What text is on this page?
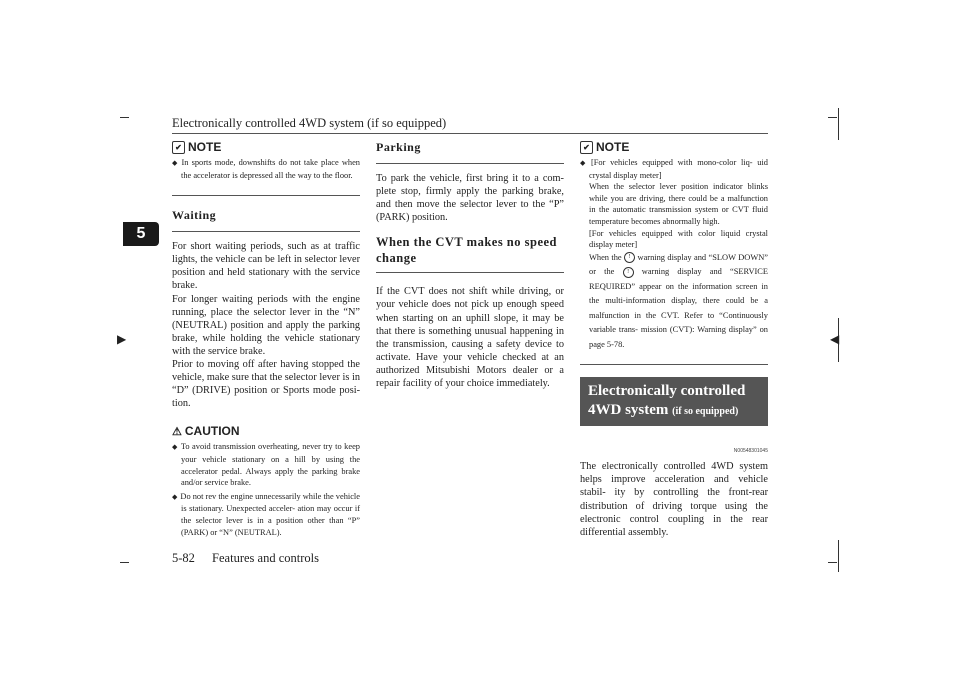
▶	◀
Electronically controlled 4WD system (if so equipped)
5
✔ NOTE
◆ In sports mode, downshifts do not take place when the accelerator is depressed all the way to the floor.
Waiting
For short waiting periods, such as at traffic lights, the vehicle can be left in selector lever position and held stationary with the service brake.
For longer waiting periods with the engine running, place the selector lever in the “N” (NEUTRAL) position and apply the parking brake, while holding the vehicle stationary with the service brake.
Prior to moving off after having stopped the vehicle, make sure that the selector lever is in “D” (DRIVE) position or Sports mode posi- tion.
⚠ CAUTION
◆ To avoid transmission overheating, never try to keep your vehicle stationary on a hill by using the accelerator pedal. Always apply the parking brake and/or service brake.
◆ Do not rev the engine unnecessarily while the vehicle is stationary. Unexpected acceler- ation may occur if the selector lever is in a position other than “P” (PARK) or “N” (NEUTRAL).
Parking
To park the vehicle, first bring it to a com- plete stop, firmly apply the parking brake, and then move the selector lever to the “P” (PARK) position.
When the CVT makes no speed change
If the CVT does not shift while driving, or your vehicle does not pick up enough speed when starting on an uphill slope, it may be that there is something unusual happening in the transmission, causing a safety device to activate. Have your vehicle checked at an authorized Mitsubishi Motors dealer or a repair facility of your choice immediately.
✔ NOTE
◆ [For vehicles equipped with mono-color liq- uid crystal display meter]
When the selector lever position indicator blinks while you are driving, there could be a malfunction in the automatic transmission system or CVT fluid temperature becomes abnormally high.
[For vehicles equipped with color liquid crystal display meter]
When the ! warning display and “SLOW DOWN” or the ! warning display and “SERVICE REQUIRED” appear on the information screen in the multi-information display, there could be a malfunction in the CVT. Refer to “Continuously variable trans- mission (CVT): Warning display” on page 5-78.
Electronically controlled 4WD system (if so equipped)
N00548301045
The electronically controlled 4WD system helps improve acceleration and vehicle stabil- ity by controlling the front-rear distribution of driving torque using the electronic control coupling in the rear differential assembly.
5-82 Features and controls
